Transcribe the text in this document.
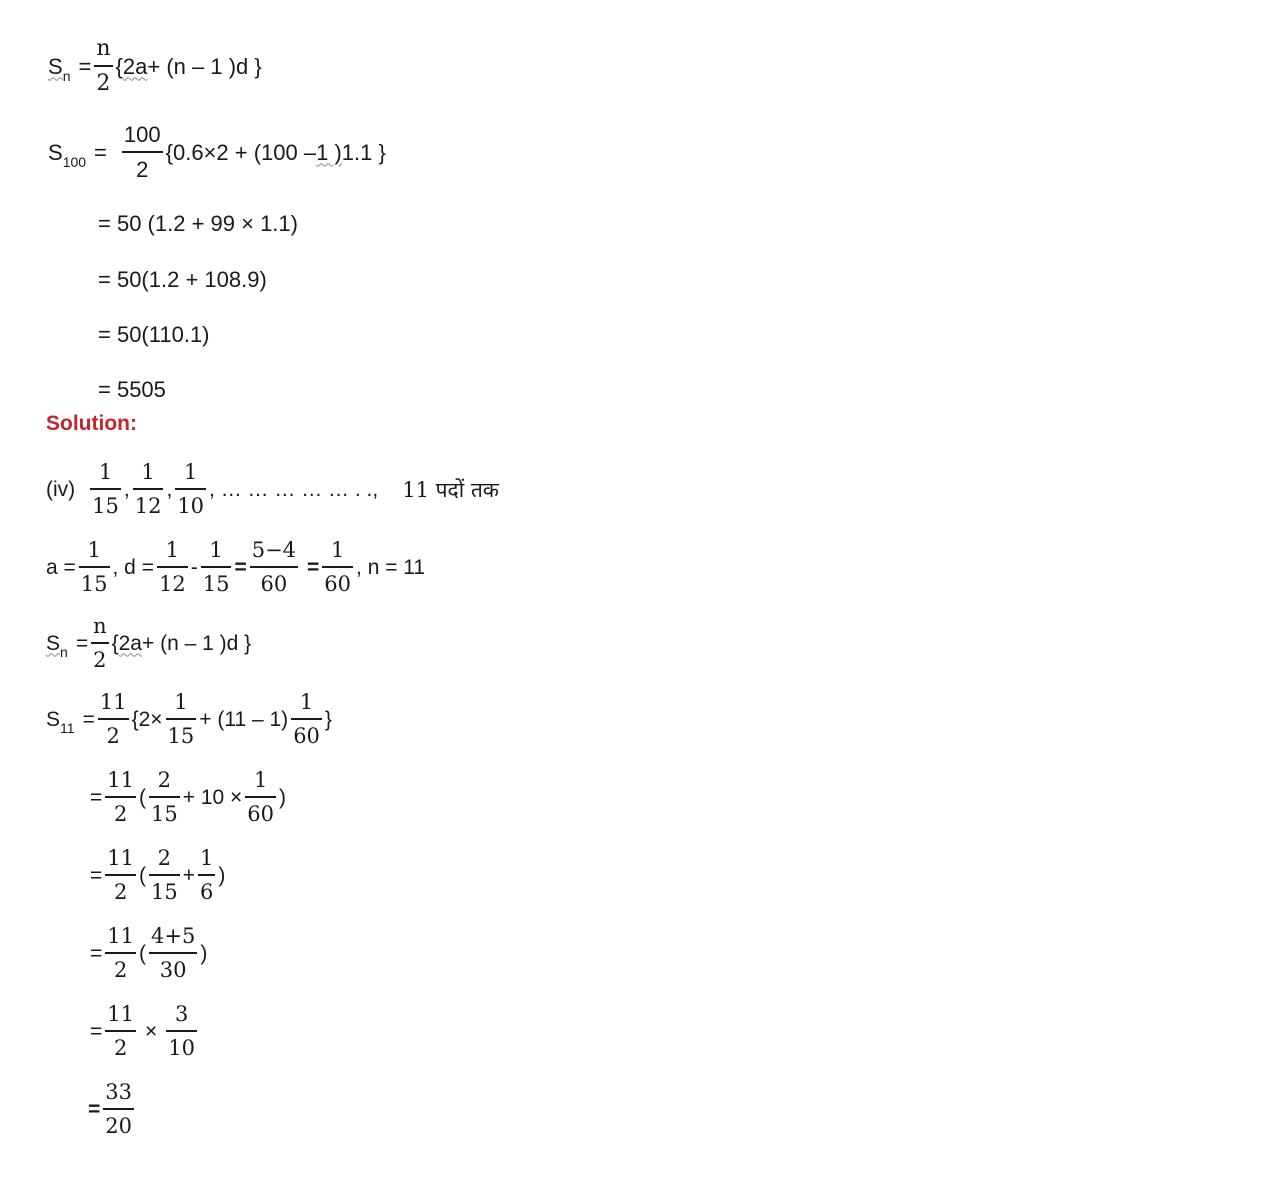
$S_n = \frac{n}{2}$ { 2a + (n – 1 )d }
$S_{100} = \frac{100}{2} \{0.6\times 2 + (100 - 1$ ) 1.1 }
= 50 (1.2 + 99 × 1.1)
= 50(1.2 + 108.9)
= 50(110.1)
= 5505
Solution:
$(iv) \frac{1}{15}$ , $\frac{1}{12}$ , $\frac{1}{10}$ , … … … … … . ., 11 पदों तक
$a = \frac{1}{15}$ , $d = \frac{1}{12} - \frac{1}{15} = \frac{5-4}{60} = \frac{1}{60}$ , n = 11
$S_n = \frac{n}{2}$ { 2a + (n – 1 )d }
$S_{11} = \frac{11}{2} \{2\times \frac{1}{15} + (11 - 1) \frac{1}{60}$ }
= $\frac{11}{2}$ ( $\frac{2}{15} + 10 \times \frac{1}{60}$ )
= $\frac{11}{2}$ ( $\frac{2}{15} + \frac{1}{6}$ )
= $\frac{11}{2}$ ( $\frac{4+5}{30}$ )
= $\frac{11}{2} \times \frac{3}{10}$
= $\frac{33}{20}$
